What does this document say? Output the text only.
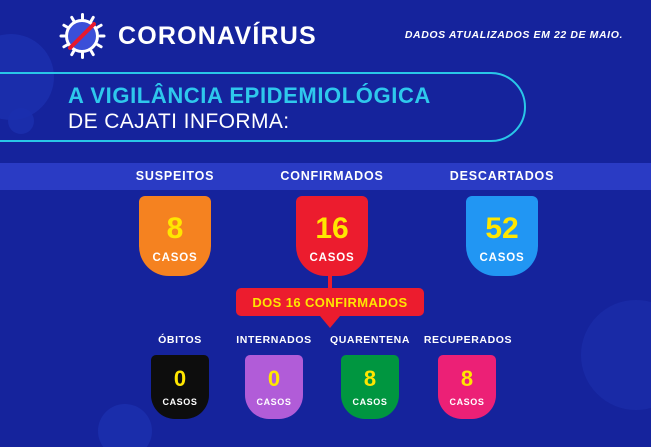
CORONAVÍRUS	DADOS ATUALIZADOS EM 22 DE MAIO.
A VIGILÂNCIA EPIDEMIOLÓGICA
DE CAJATI INFORMA:
SUSPEITOS	CONFIRMADOS	DESCARTADOS
8
CASOS
16
CASOS
52
CASOS
DOS 16 CONFIRMADOS
ÓBITOS	INTERNADOS	QUARENTENA	RECUPERADOS
0
CASOS
0
CASOS
8
CASOS
8
CASOS
